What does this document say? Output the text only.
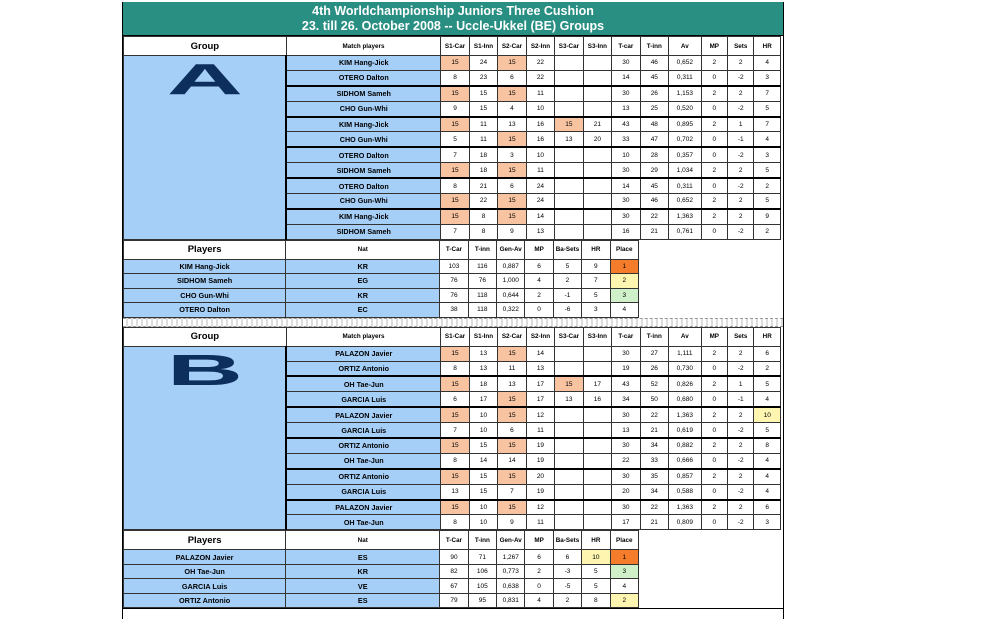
4th Worldchampionship Juniors Three Cushion
23. till 26. October 2008 -- Uccle-Ukkel (BE) Groups
Group	Match players	S1-Car	S1-Inn	S2-Car	S2-Inn	S3-Car	S3-Inn	T-car	T-inn	Av	MP	Sets	HR
A	KIM Hang-Jick	15	24	15	22			30	46	0,652	2	2	4
	OTERO Dalton	8	23	6	22			14	45	0,311	0	-2	3
	SIDHOM Sameh	15	15	15	11			30	26	1,153	2	2	7
	CHO Gun-Whi	9	15	4	10			13	25	0,520	0	-2	5
	KIM Hang-Jick	15	11	13	16	15	21	43	48	0,895	2	1	7
	CHO Gun-Whi	5	11	15	16	13	20	33	47	0,702	0	-1	4
	OTERO Dalton	7	18	3	10			10	28	0,357	0	-2	3
	SIDHOM Sameh	15	18	15	11			30	29	1,034	2	2	5
	OTERO Dalton	8	21	6	24			14	45	0,311	0	-2	2
	CHO Gun-Whi	15	22	15	24			30	46	0,652	2	2	5
	KIM Hang-Jick	15	8	15	14			30	22	1,363	2	2	9
	SIDHOM Sameh	7	8	9	13			16	21	0,761	0	-2	2
Players	Nat	T-Car	T-inn	Gen-Av	MP	Ba-Sets	HR	Place
KIM Hang-Jick	KR	103	116	0,887	6	5	9	1
SIDHOM Sameh	EG	76	76	1,000	4	2	7	2
CHO Gun-Whi	KR	76	118	0,644	2	-1	5	3
OTERO Dalton	EC	38	118	0,322	0	-6	3	4
Group	Match players	S1-Car	S1-Inn	S2-Car	S2-Inn	S3-Car	S3-Inn	T-car	T-inn	Av	MP	Sets	HR
B	PALAZON Javier	15	13	15	14			30	27	1,111	2	2	6
	ORTIZ Antonio	8	13	11	13			19	26	0,730	0	-2	2
	OH Tae-Jun	15	18	13	17	15	17	43	52	0,826	2	1	5
	GARCIA Luis	6	17	15	17	13	16	34	50	0,680	0	-1	4
	PALAZON Javier	15	10	15	12			30	22	1,363	2	2	10
	GARCIA Luis	7	10	6	11			13	21	0,619	0	-2	5
	ORTIZ Antonio	15	15	15	19			30	34	0,882	2	2	8
	OH Tae-Jun	8	14	14	19			22	33	0,666	0	-2	4
	ORTIZ Antonio	15	15	15	20			30	35	0,857	2	2	4
	GARCIA Luis	13	15	7	19			20	34	0,588	0	-2	4
	PALAZON Javier	15	10	15	12			30	22	1,363	2	2	6
	OH Tae-Jun	8	10	9	11			17	21	0,809	0	-2	3
Players	Nat	T-Car	T-inn	Gen-Av	MP	Ba-Sets	HR	Place
PALAZON Javier	ES	90	71	1,267	6	6	10	1
OH Tae-Jun	KR	82	106	0,773	2	-3	5	3
GARCIA Luis	VE	67	105	0,638	0	-5	5	4
ORTIZ Antonio	ES	79	95	0,831	4	2	8	2
